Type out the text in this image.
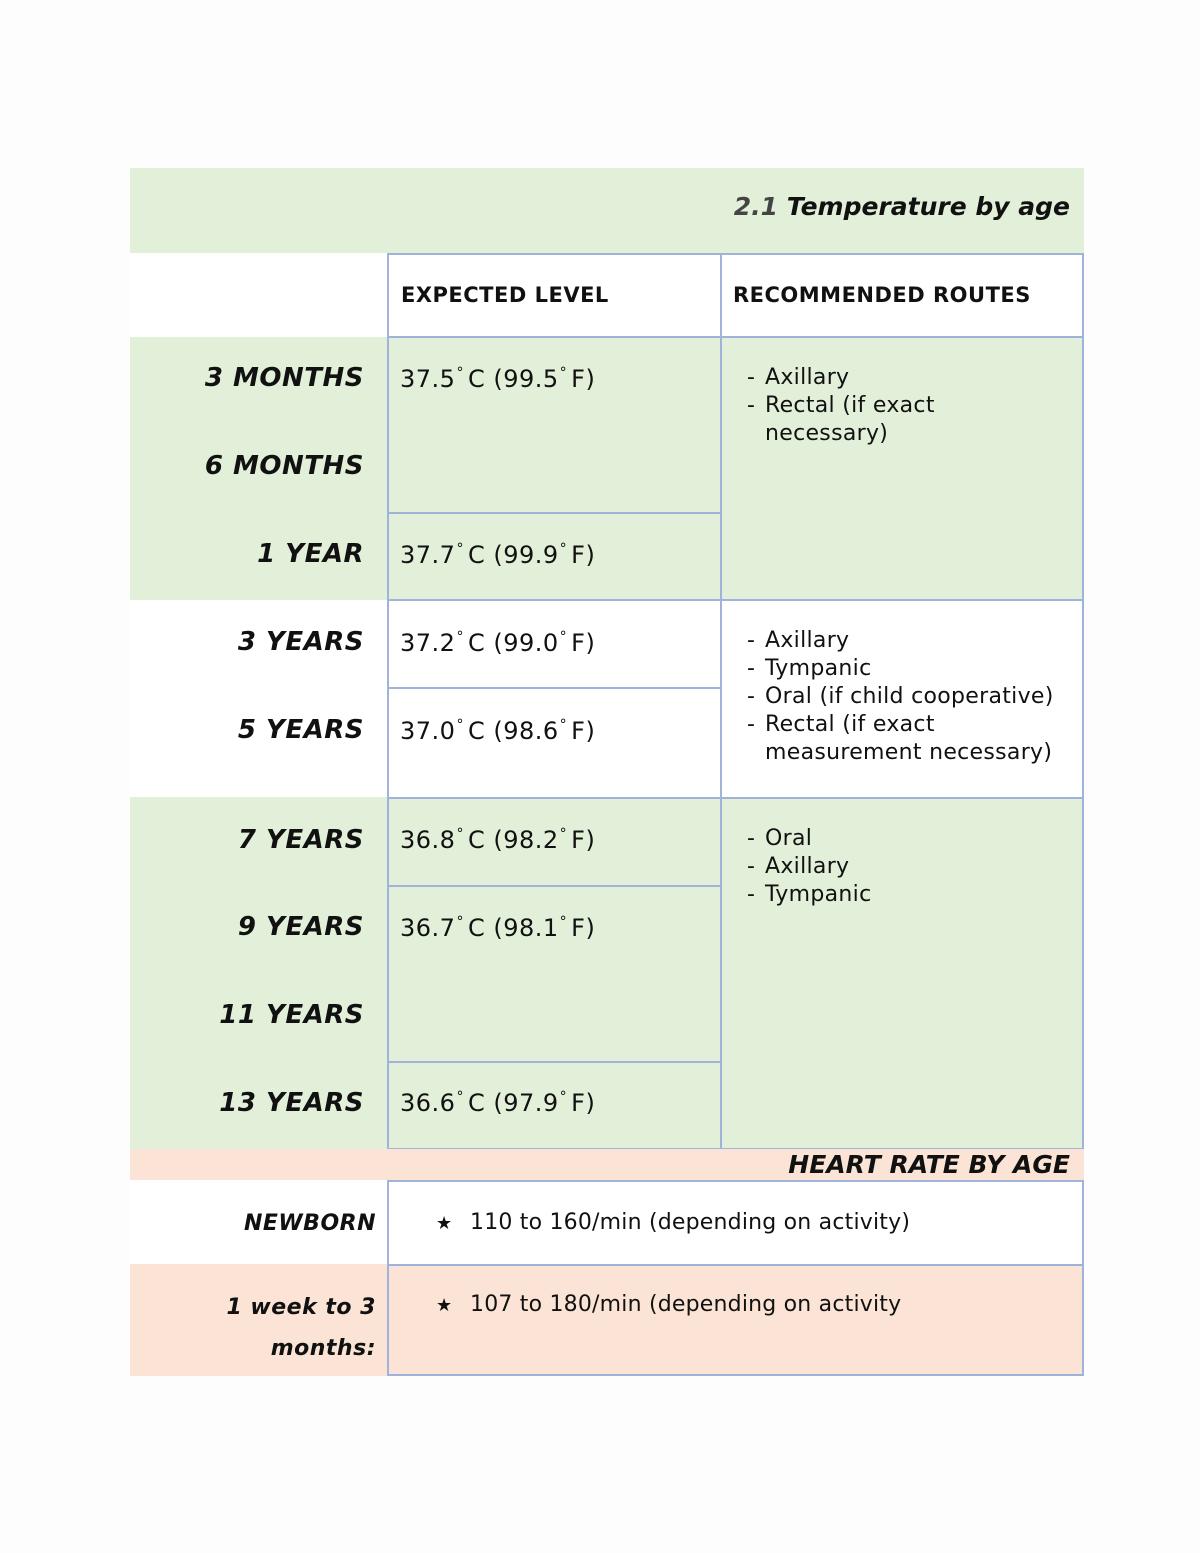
2.1 Temperature by age
EXPECTED LEVEL	RECOMMENDED ROUTES
3 MONTHS
6 MONTHS
1 YEAR
3 YEARS
5 YEARS
7 YEARS
9 YEARS
11 YEARS
13 YEARS
37.5° C (99.5° F)
37.7° C (99.9° F)
37.2° C (99.0° F)
37.0° C (98.6° F)
36.8° C (98.2° F)
36.7° C (98.1° F)
36.6° C (97.9° F)
- Axillary
- Rectal (if exact necessary)
- Axillary
- Tympanic
- Oral (if child cooperative)
- Rectal (if exact measurement necessary)
- Oral
- Axillary
- Tympanic
HEART RATE BY AGE
NEWBORN	★ 110 to 160/min (depending on activity)
1 week to 3 months:
★ 107 to 180/min (depending on activity
